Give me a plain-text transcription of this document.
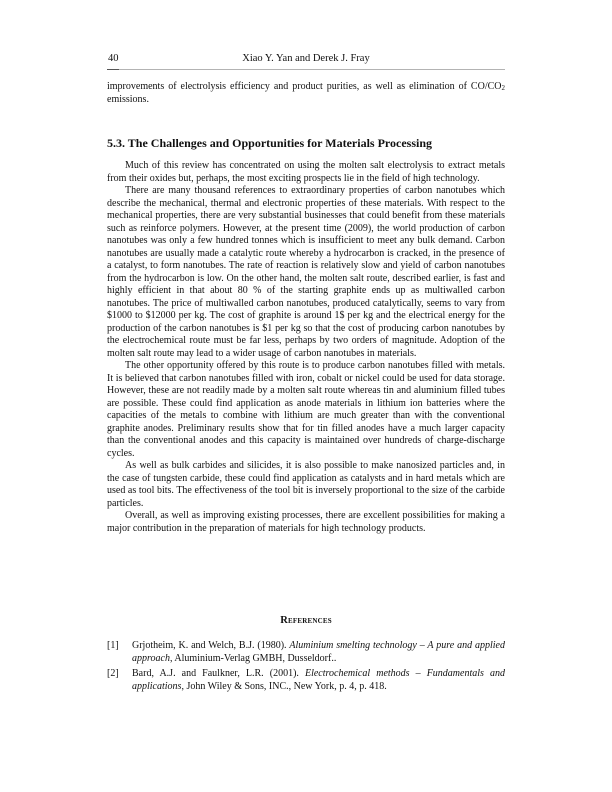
40	Xiao Y. Yan and Derek J. Fray

improvements of electrolysis efficiency and product purities, as well as elimination of $CO/CO_2$ emissions.

5.3. The Challenges and Opportunities for Materials Processing

Much of this review has concentrated on using the molten salt electrolysis to extract metals from their oxides but, perhaps, the most exciting prospects lie in the field of high technology.

There are many thousand references to extraordinary properties of carbon nanotubes which describe the mechanical, thermal and electronic properties of these materials. With respect to the mechanical properties, there are very substantial businesses that could benefit from these materials such as reinforce polymers. However, at the present time (2009), the world production of carbon nanotubes was only a few hundred tonnes which is insufficient to meet any bulk demand. Carbon nanotubes are usually made a catalytic route whereby a hydrocarbon is cracked, in the presence of a catalyst, to form nanotubes. The rate of reaction is relatively slow and yield of carbon nanotubes from the hydrocarbon is low. On the other hand, the molten salt route, described earlier, is fast and highly efficient in that about 80 % of the starting graphite ends up as multiwalled carbon nanotubes. The price of multiwalled carbon nanotubes, produced catalytically, seems to vary from $1000 to $12000 per kg. The cost of graphite is around 1$ per kg and the electrical energy for the production of the carbon nanotubes is $1 per kg so that the cost of producing carbon nanotubes by the electrochemical route must be far less, perhaps by two orders of magnitude. Adoption of the molten salt route may lead to a wider usage of carbon nanotubes in materials.

The other opportunity offered by this route is to produce carbon nanotubes filled with metals. It is believed that carbon nanotubes filled with iron, cobalt or nickel could be used for data storage. However, these are not readily made by a molten salt route whereas tin and aluminium filled tubes are possible. These could find application as anode materials in lithium ion batteries where the capacities of the metals to combine with lithium are much greater than with the conventional graphite anodes. Preliminary results show that for tin filled anodes have a much larger capacity than the conventional anodes and this capacity is maintained over hundreds of charge-discharge cycles.

As well as bulk carbides and silicides, it is also possible to make nanosized particles and, in the case of tungsten carbide, these could find application as catalysts and in hard metals which are used as tool bits. The effectiveness of the tool bit is inversely proportional to the size of the carbide particles.

Overall, as well as improving existing processes, there are excellent possibilities for making a major contribution in the preparation of materials for high technology products.

References
[1]	Grjotheim, K. and Welch, B.J. (1980). Aluminium smelting technology – A pure and applied approach, Aluminium-Verlag GMBH, Dusseldorf..
[2]	Bard, A.J. and Faulkner, L.R. (2001). Electrochemical methods – Fundamentals and applications, John Wiley & Sons, INC., New York, p. 4, p. 418.
